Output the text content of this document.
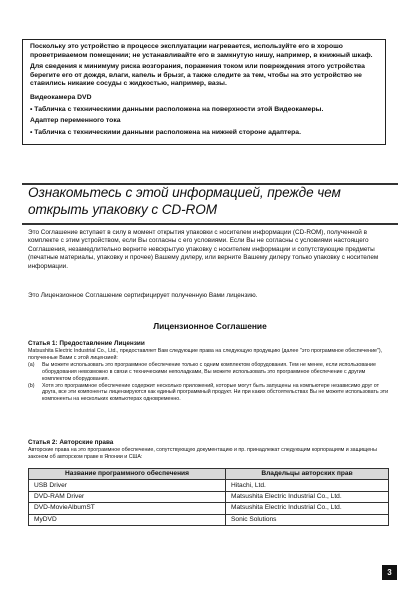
Поскольку это устройство в процессе эксплуатации нагревается, используйте его в хорошо проветриваемом помещении; не устанавливайте его в замкнутую нишу, например, в книжный шкаф.

Для сведения к минимуму риска возгорания, поражения током или повреждения этого устройства берегите его от дождя, влаги, капель и брызг, а также следите за тем, чтобы на это устройство не ставились никакие сосуды с жидкостью, например, вазы.

Видеокамера DVD

• Табличка с техническими данными расположена на поверхности этой Видеокамеры.

Адаптер переменного тока

• Табличка с техническими данными расположена на нижней стороне адаптера.

Ознакомьтесь с этой информацией, прежде чем открыть упаковку с CD-ROM

Это Соглашение вступает в силу в момент открытия упаковки с носителем информации (CD-ROM), полученной в комплекте с этим устройством, если Вы согласны с его условиями. Если Вы не согласны с условиями настоящего Соглашения, незамедлительно верните невскрытую упаковку с носителем информации и сопутствующие предметы (печатные материалы, упаковку и прочее) Вашему дилеру, или верните Вашему дилеру только упаковку с носителем информации.

Это Лицензионное Соглашение сертифицирует полученную Вами лицензию.

Лицензионное Соглашение

Статья 1: Предоставление Лицензии

Matsushita Electric Industrial Co., Ltd., предоставляет Вам следующие права на следующую продукцию (далее "это программное обеспечение"), полученные Вами с этой лицензией:

(a) Вы можете использовать это программное обеспечение только с одним комплектом оборудования. Тем не менее, если использование оборудования невозможно в связи с техническими неполадками, Вы можете использовать это программное обеспечение с другим комплектом оборудования.
(b) Хотя это программное обеспечение содержит несколько приложений, которые могут быть запущены на компьютере независимо друг от друга, все эти компоненты лицензируются как единый программный продукт. Ни при каких обстоятельствах Вы не можете использовать эти компоненты на нескольких компьютерах одновременно.

Статья 2: Авторские права

Авторские права на это программное обеспечение, сопутствующую документацию и пр. принадлежат следующим корпорациям и защищены законом об авторском праве в Японии и США:

Название программного обеспечения	Владельцы авторских прав
USB Driver	Hitachi, Ltd.
DVD-RAM Driver	Matsushita Electric Industrial Co., Ltd.
DVD-MovieAlbumST	Matsushita Electric Industrial Co., Ltd.
MyDVD	Sonic Solutions
3
